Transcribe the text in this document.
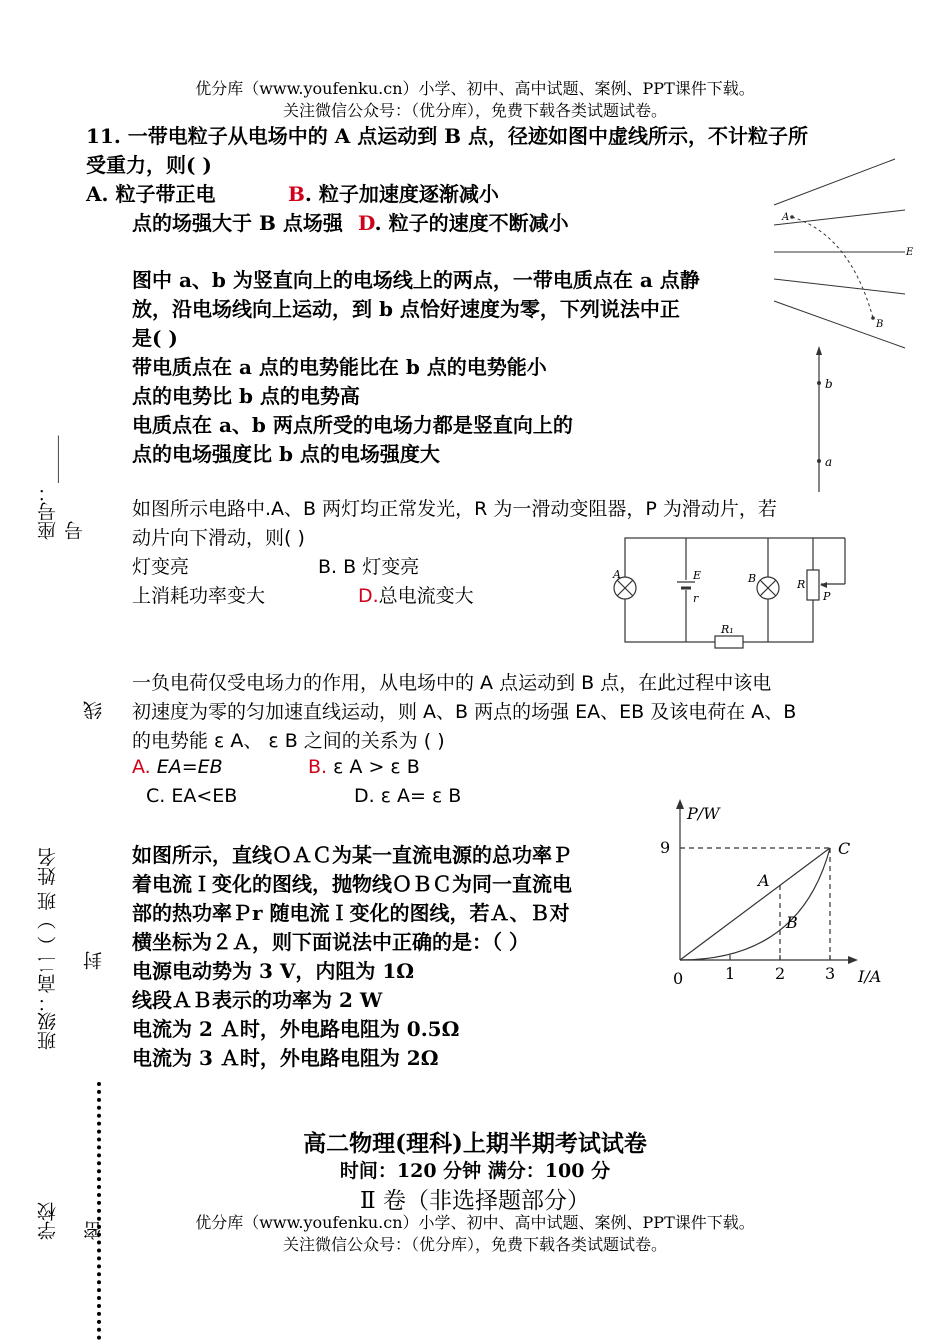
优分库（www.youfenku.cn）小学、初中、高中试题、案例、PPT课件下载。
关注微信公众号：（优分库），免费下载各类试题试卷。
座号：_____号
线
班级：高二（ ）班 姓名 封
学校 密
11. 一带电粒子从电场中的 A 点运动到 B 点，径迹如图中虚线所示，不计粒子所
受重力，则( )
A. 粒子带正电	B. 粒子加速度逐渐减小
点的场强大于 B 点场强 D. 粒子的速度不断减小	A
B
E
图中 a、b 为竖直向上的电场线上的两点，一带电质点在 a 点静
放，沿电场线向上运动，到 b 点恰好速度为零，下列说法中正
是( )
带电质点在 a 点的电势能比在 b 点的电势能小
点的电势比 b 点的电势高
电质点在 a、b 两点所受的电场力都是竖直向上的
点的电场强度比 b 点的电场强度大
b
a
如图所示电路中.A、B 两灯均正常发光，R 为一滑动变阻器，P 为滑动片，若
动片向下滑动，则( )
灯变亮	B. B 灯变亮
上消耗功率变大	D.总电流变大
A	E
r
B	R
P
R₁
一负电荷仅受电场力的作用，从电场中的 A 点运动到 B 点，在此过程中该电
初速度为零的匀加速直线运动，则 A、B 两点的场强 EA、EB 及该电荷在 A、B
的电势能 ε A、 ε B 之间的关系为 ( )
A. EA=EB	B. ε A > ε B
C. EA<EB	D. ε A= ε B
如图所示，直线ＯＡＣ为某一直流电源的总功率Ｐ
着电流Ｉ变化的图线，抛物线ＯＢＣ为同一直流电
部的热功率Ｐr 随电流Ｉ变化的图线，若Ａ、Ｂ对
横坐标为２Ａ，则下面说法中正确的是：（ ）
电源电动势为 3 V，内阻为 1Ω
线段ＡＢ表示的功率为 2 W
电流为 2 Ａ时，外电路电阻为 0.5Ω
电流为 3 Ａ时，外电路电阻为 2Ω
P/W
I/A
9
0	1 2 3
C
A
B
高二物理(理科)上期半期考试试卷
时间：120 分钟 满分：100 分
Ⅱ 卷（非选择题部分）
优分库（www.youfenku.cn）小学、初中、高中试题、案例、PPT课件下载。
关注微信公众号：（优分库），免费下载各类试题试卷。
